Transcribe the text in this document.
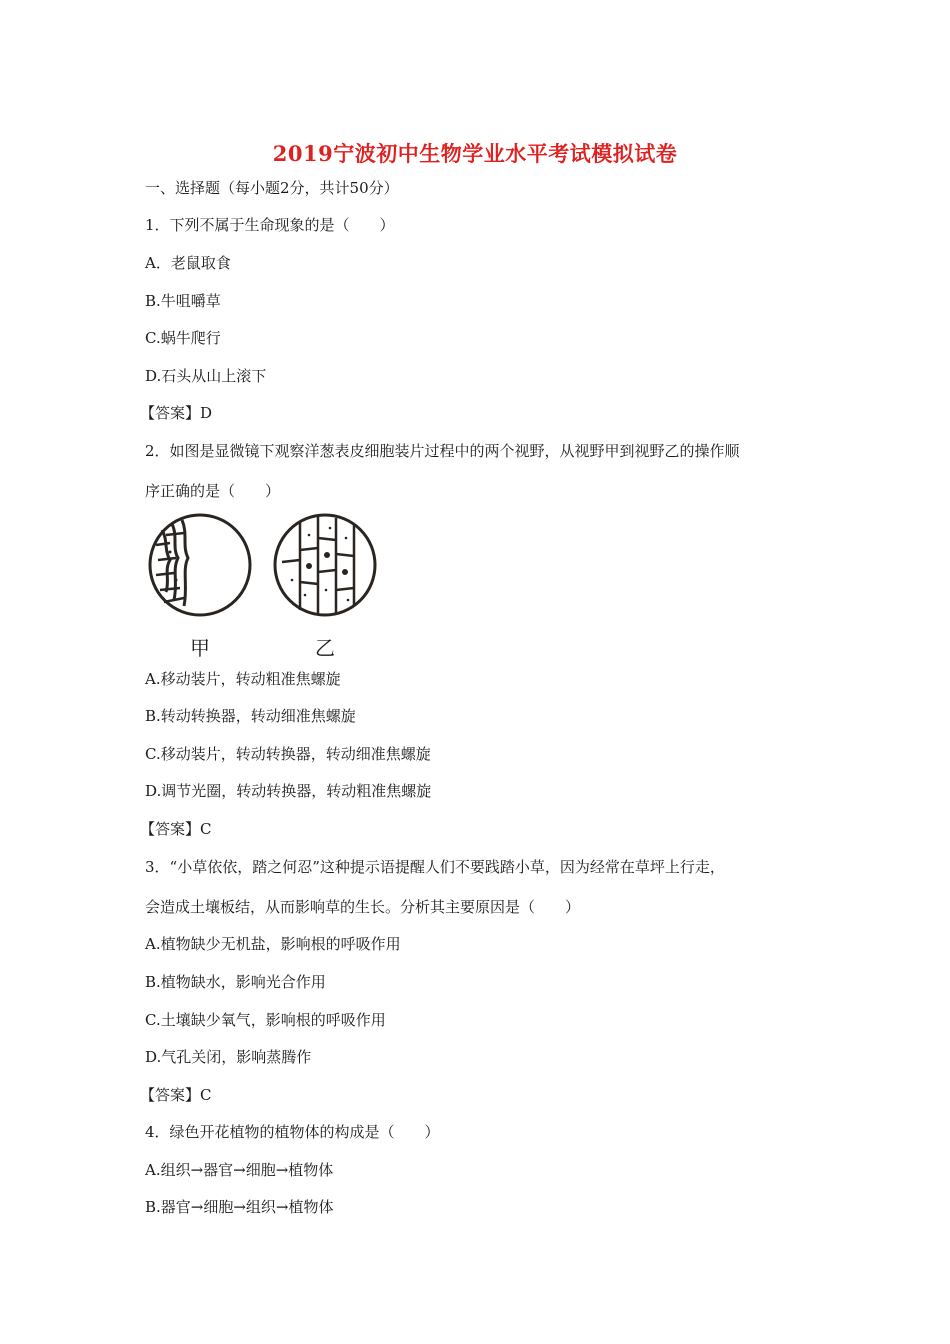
2019宁波初中生物学业水平考试模拟试卷
一、选择题（每小题2分，共计50分）
1．下列不属于生命现象的是（　　）
A．老鼠取食
B.牛咀嚼草
C.蜗牛爬行
D.石头从山上滚下
【答案】D
2．如图是显微镜下观察洋葱表皮细胞装片过程中的两个视野，从视野甲到视野乙的操作顺
序正确的是（　　）
甲	乙
A.移动装片，转动粗准焦螺旋
B.转动转换器，转动细准焦螺旋
C.移动装片，转动转换器，转动细准焦螺旋
D.调节光圈，转动转换器，转动粗准焦螺旋
【答案】C
3．“小草依依，踏之何忍”这种提示语提醒人们不要践踏小草，因为经常在草坪上行走，
会造成土壤板结，从而影响草的生长。分析其主要原因是（　　）
A.植物缺少无机盐，影响根的呼吸作用
B.植物缺水，影响光合作用
C.土壤缺少氧气，影响根的呼吸作用
D.气孔关闭，影响蒸腾作
【答案】C
4．绿色开花植物的植物体的构成是（　　）
A.组织→器官→细胞→植物体
B.器官→细胞→组织→植物体
